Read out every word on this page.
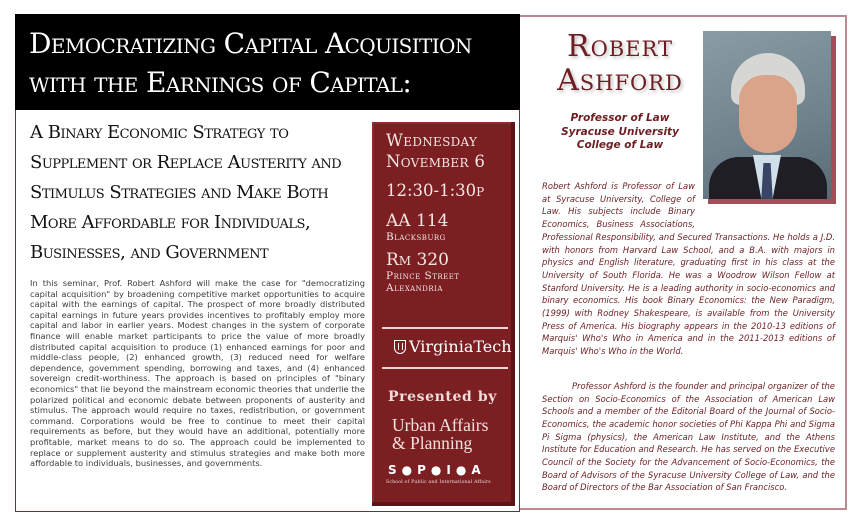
Democratizing Capital Acquisition
with the Earnings of Capital:
A Binary Economic Strategy to
Supplement or Replace Austerity and
Stimulus Strategies and Make Both
More Affordable for Individuals,
Businesses, and Government
In this seminar, Prof. Robert Ashford will make the case for "democratizing capital acquisition" by broadening competitive market opportunities to acquire capital with the earnings of capital. The prospect of more broadly distributed capital earnings in future years provides incentives to profitably employ more capital and labor in earlier years. Modest changes in the system of corporate finance will enable market participants to price the value of more broadly distributed capital acquisition to produce (1) enhanced earnings for poor and middle-class people, (2) enhanced growth, (3) reduced need for welfare dependence, government spending, borrowing and taxes, and (4) enhanced sovereign credit-worthiness. The approach is based on principles of "binary economics" that lie beyond the mainstream economic theories that underlie the polarized political and economic debate between proponents of austerity and stimulus. The approach would require no taxes, redistribution, or government command. Corporations would be free to continue to meet their capital requirements as before, but they would have an additional, potentially more profitable, market means to do so. The approach could be implemented to replace or supplement austerity and stimulus strategies and make both more affordable to individuals, businesses, and governments.
Wednesday
November 6
12:30-1:30p
AA 114
Blacksburg
Rm 320
Prince Street
Alexandria
VirginiaTech
Presented by
Urban Affairs
& Planning
S●P●I●A
School of Public and International Affairs
Robert
Ashford
Professor of Law
Syracuse University
College of Law

Robert Ashford is Professor of Law at Syracuse University, College of Law. His subjects include Binary Economics, Business Associations, Professional Responsibility, and Secured Transactions. He holds a J.D. with honors from Harvard Law School, and a B.A. with majors in physics and English literature, graduating first in his class at the University of South Florida. He was a Woodrow Wilson Fellow at Stanford University. He is a leading authority in socio-economics and binary economics. His book Binary Economics: the New Paradigm, (1999) with Rodney Shakespeare, is available from the University Press of America. His biography appears in the 2010-13 editions of Marquis' Who's Who in America and in the 2011-2013 editions of Marquis' Who's Who in the World.

Professor Ashford is the founder and principal organizer of the Section on Socio-Economics of the Association of American Law Schools and a member of the Editorial Board of the Journal of Socio-Economics, the academic honor societies of Phi Kappa Phi and Sigma Pi Sigma (physics), the American Law Institute, and the Athens Institute for Education and Research. He has served on the Executive Council of the Society for the Advancement of Socio-Economics, the Board of Advisors of the Syracuse University College of Law, and the Board of Directors of the Bar Association of San Francisco.
